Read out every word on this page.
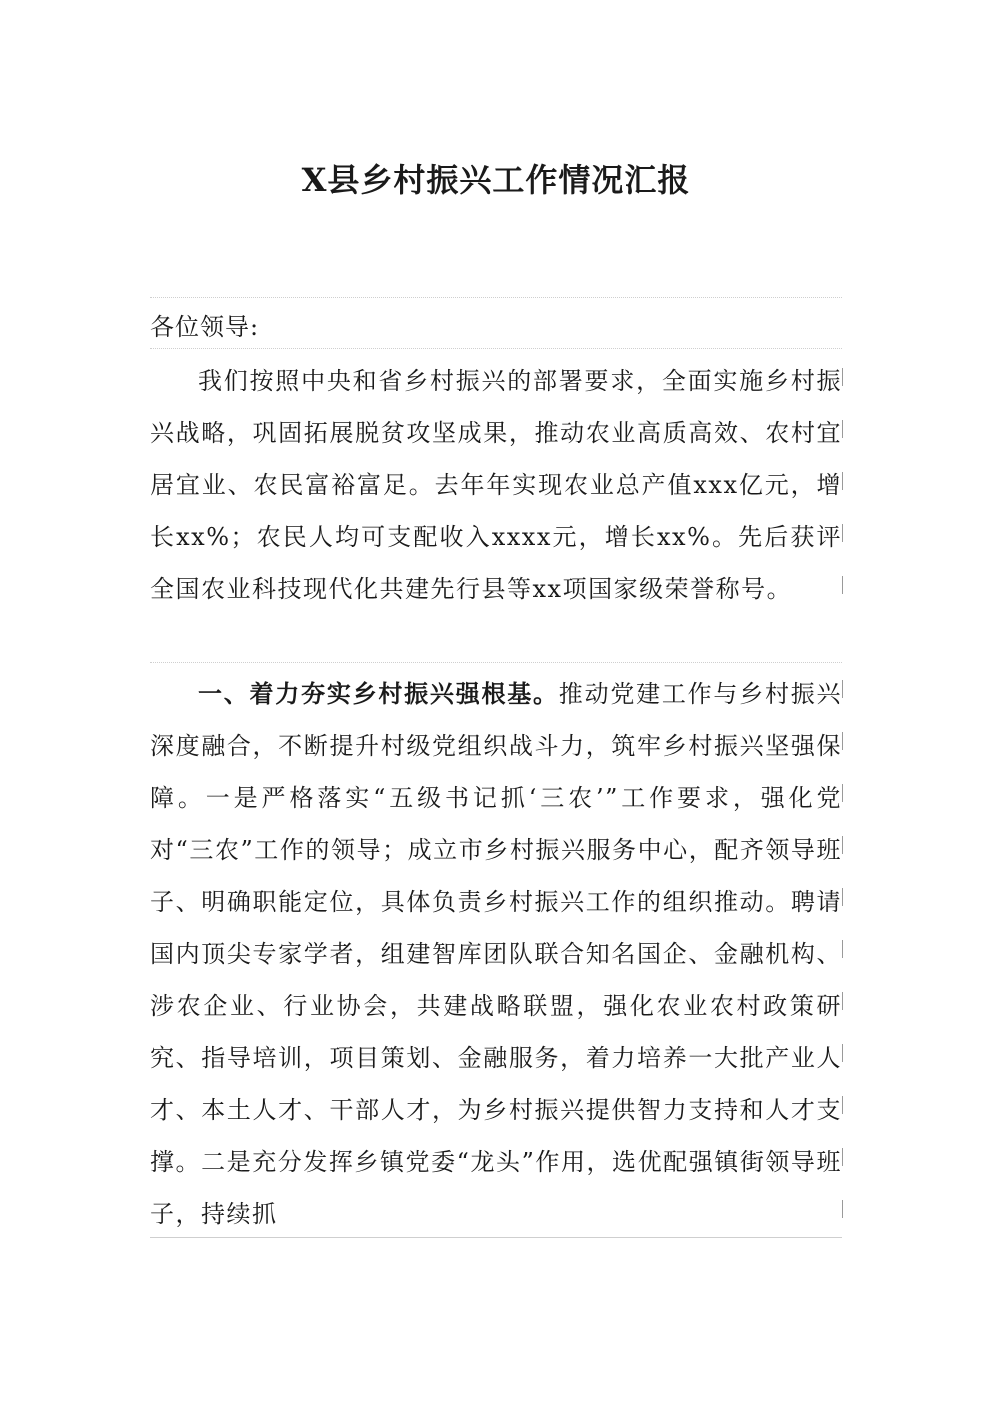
X县乡村振兴工作情况汇报
各位领导:

我们按照中央和省乡村振兴的部署要求，全面实施乡村振兴战略，巩固拓展脱贫攻坚成果，推动农业高质高效、农村宜居宜业、农民富裕富足。去年年实现农业总产值xxx亿元，增长xx%；农民人均可支配收入xxxx元，增长xx%。先后获评全国农业科技现代化共建先行县等xx项国家级荣誉称号。

一、着力夯实乡村振兴强根基。推动党建工作与乡村振兴深度融合，不断提升村级党组织战斗力，筑牢乡村振兴坚强保障。一是严格落实“五级书记抓‘三农’”工作要求，强化党对“三农”工作的领导；成立市乡村振兴服务中心，配齐领导班子、明确职能定位，具体负责乡村振兴工作的组织推动。聘请国内顶尖专家学者，组建智库团队联合知名国企、金融机构、涉农企业、行业协会，共建战略联盟，强化农业农村政策研究、指导培训，项目策划、金融服务，着力培养一大批产业人才、本土人才、干部人才，为乡村振兴提供智力支持和人才支撑。二是充分发挥乡镇党委“龙头”作用，选优配强镇街领导班子，持续抓
